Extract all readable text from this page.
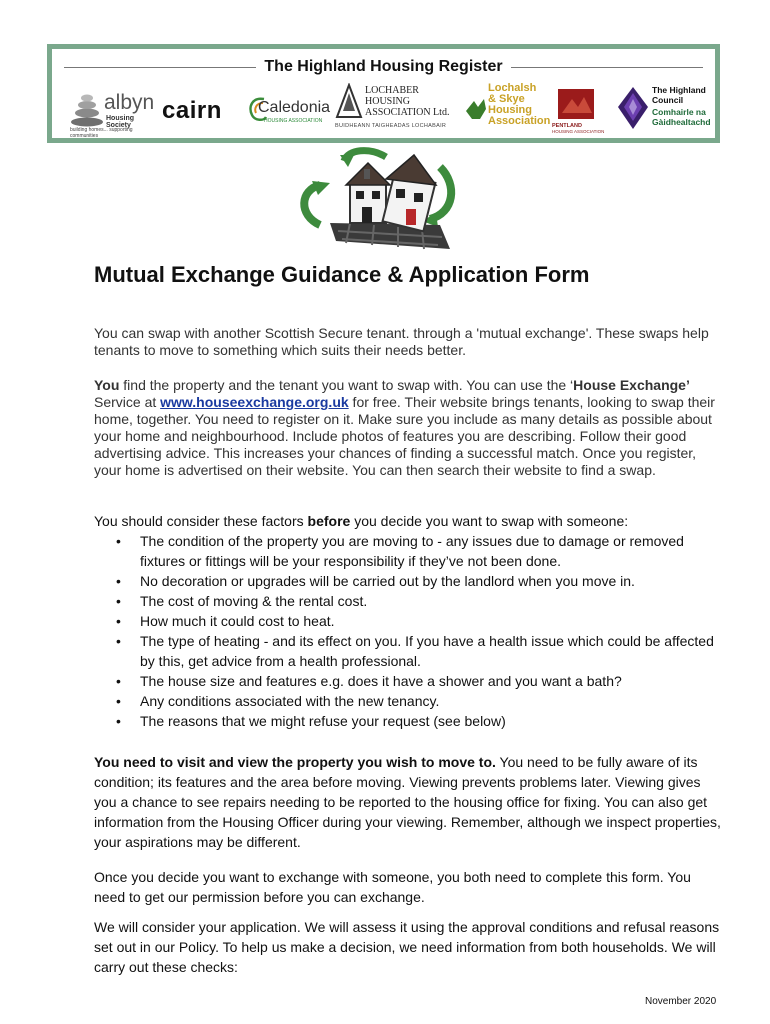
The Highland Housing Register
albyn
Housing Society
building homes... supporting communities
cairn Caledonia
HOUSING ASSOCIATION
LOCHABER
HOUSING
ASSOCIATION Ltd.
BUIDHEANN TAIGHEADAS LOCHABAIR
Lochalsh
& Skye
Housing
Association PENTLAND
HOUSING ASSOCIATION
The Highland
Council
Comhairle na
Gàidhealtachd
Mutual Exchange Guidance & Application Form

You can swap with another Scottish Secure tenant. through a 'mutual exchange'. These swaps help tenants to move to something which suits their needs better.

You find the property and the tenant you want to swap with. You can use the ‘House Exchange’ Service at www.houseexchange.org.uk for free. Their website brings tenants, looking to swap their home, together. You need to register on it. Make sure you include as many details as possible about your home and neighbourhood. Include photos of features you are describing. Follow their good advertising advice. This increases your chances of finding a successful match. Once you register, your home is advertised on their website. You can then search their website to find a swap.

You should consider these factors before you decide you want to swap with someone:

• The condition of the property you are moving to - any issues due to damage or removed fixtures or fittings will be your responsibility if they’ve not been done.
• No decoration or upgrades will be carried out by the landlord when you move in.
• The cost of moving & the rental cost.
• How much it could cost to heat.
• The type of heating - and its effect on you. If you have a health issue which could be affected by this, get advice from a health professional.
• The house size and features e.g. does it have a shower and you want a bath?
• Any conditions associated with the new tenancy.
• The reasons that we might refuse your request (see below)

You need to visit and view the property you wish to move to. You need to be fully aware of its condition; its features and the area before moving. Viewing prevents problems later. Viewing gives you a chance to see repairs needing to be reported to the housing office for fixing. You can also get information from the Housing Officer during your viewing. Remember, although we inspect properties, your aspirations may be different.

Once you decide you want to exchange with someone, you both need to complete this form. You need to get our permission before you can exchange.

We will consider your application. We will assess it using the approval conditions and refusal reasons set out in our Policy. To help us make a decision, we need information from both households. We will carry out these checks:

November 2020
